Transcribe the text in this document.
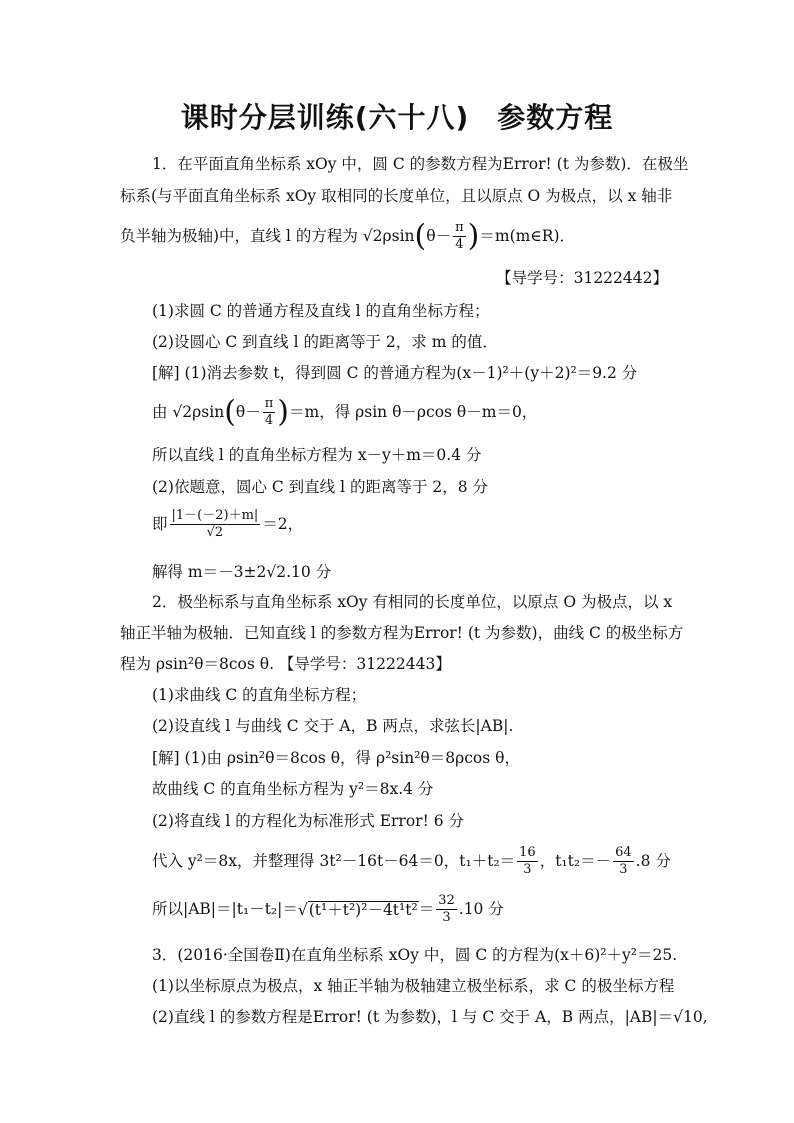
课时分层训练(六十八) 参数方程
1．在平面直角坐标系 xOy 中，圆 C 的参数方程为Error! (t 为参数)．在极坐
标系(与平面直角坐标系 xOy 取相同的长度单位，且以原点 O 为极点，以 x 轴非
负半轴为极轴)中，直线 l 的方程为 $√2\rho\sin(\theta- \frac{\pi}{4}$ )＝m(m∈R)．
【导学号：31222442】
(1)求圆 C 的普通方程及直线 l 的直角坐标方程；
(2)设圆心 C 到直线 l 的距离等于 2，求 m 的值．
[解] (1)消去参数 t，得到圆 C 的普通方程为(x－1)²＋(y＋2)²＝9.2 分
由 $√2\rho\sin(\theta- \frac{\pi}{4} )=m$，得 ρsin θ－ρcos θ－m＝0，
所以直线 l 的直角坐标方程为 x－y＋m＝0.4 分
(2)依题意，圆心 C 到直线 l 的距离等于 2，8 分
即 $\frac{|1-(-2)+m|}{√2} =2$，
解得 m＝－3±2√2.10 分
2．极坐标系与直角坐标系 xOy 有相同的长度单位，以原点 O 为极点，以 x
轴正半轴为极轴．已知直线 l 的参数方程为Error! (t 为参数)，曲线 C 的极坐标方
程为 ρsin²θ＝8cos θ. 【导学号：31222443】
(1)求曲线 C 的直角坐标方程；
(2)设直线 l 与曲线 C 交于 A，B 两点，求弦长|AB|.
[解] (1)由 ρsin²θ＝8cos θ，得 ρ²sin²θ＝8ρcos θ，
故曲线 C 的直角坐标方程为 y²＝8x.4 分
(2)将直线 l 的方程化为标准形式 Error! 6 分
代入 y²＝8x，并整理得 3t²－16t－64＝0，$t_1+t_2= \frac{16}{3}$ ，$t_1t_2=- \frac{64}{3} .8$ 分
所以$|AB|=|t_1-t_2|=√(t^1+t^2)^2-4t^1t^2= \frac{32}{3} .10$ 分
3．(2016·全国卷Ⅱ)在直角坐标系 xOy 中，圆 C 的方程为(x＋6)²＋y²＝25.
(1)以坐标原点为极点，x 轴正半轴为极轴建立极坐标系，求 C 的极坐标方程
(2)直线 l 的参数方程是Error! (t 为参数)，l 与 C 交于 A，B 两点，|AB|＝√10,
